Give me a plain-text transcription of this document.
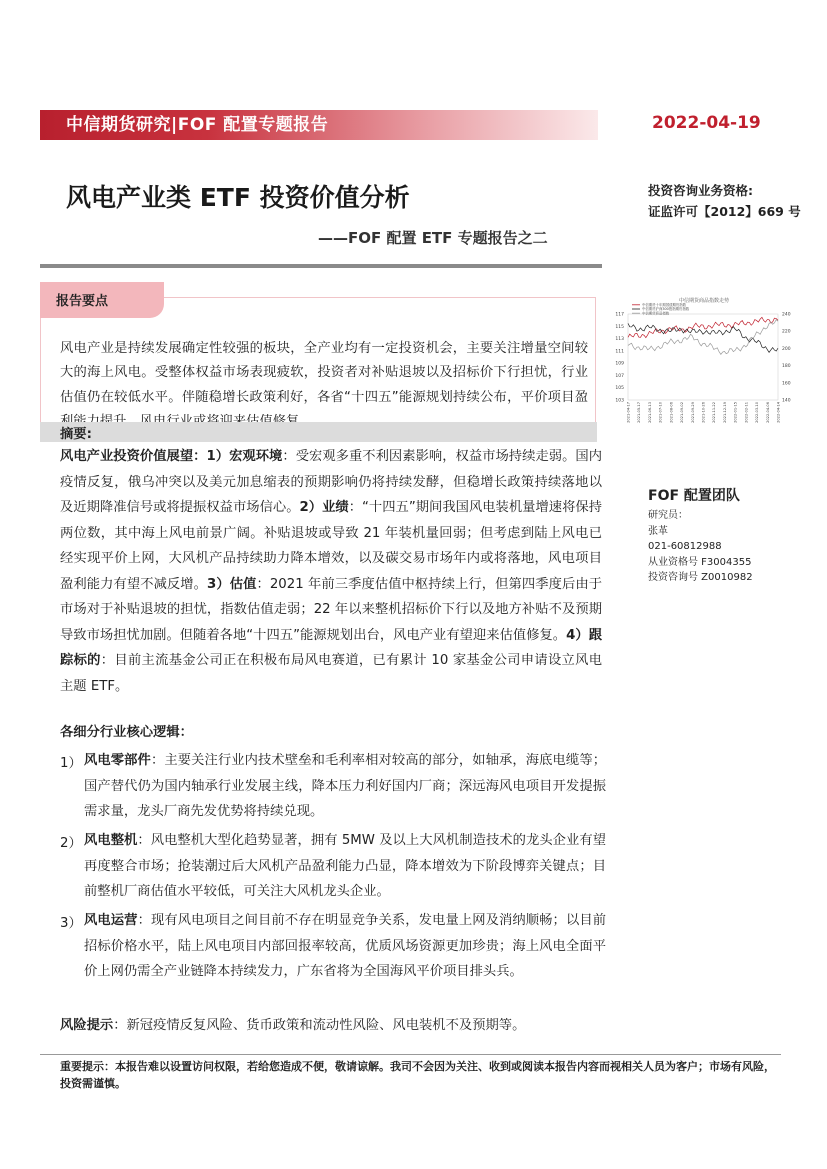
中信期货研究|FOF 配置专题报告	2022-04-19
风电产业类 ETF 投资价值分析
——FOF 配置 ETF 专题报告之二
投资咨询业务资格:
证监许可【2012】669 号
报告要点
风电产业是持续发展确定性较强的板块，全产业均有一定投资机会，主要关注增量空间较大的海上风电。受整体权益市场表现疲软，投资者对补贴退坡以及招标价下行担忧，行业估值仍在较低水平。伴随稳增长政策利好，各省“十四五”能源规划持续公布，平价项目盈
中信期货商品指数走势
中信期货十年期国债期货指数
中信期货沪深300股指期货指数
中信期货商品指数
117
115
113
111
109
107
105
103
240
220
200
180
160
140
2021-04-17 2021-05-17 2021-06-13 2021-07-10 2021-08-06 2021-09-02 2021-09-29 2021-10-26 2021-11-22 2021-12-19 2022-01-15 2022-02-11 2022-03-10 2022-04-06 2022-04-14
摘要:
风电产业投资价值展望：1）宏观环境：受宏观多重不利因素影响，权益市场持续走弱。国内疫情反复，俄乌冲突以及美元加息缩表的预期影响仍将持续发酵，但稳增长政策持续落地以及近期降准信号或将提振权益市场信心。2）业绩：“十四五”期间我国风电装机量增速将保持两位数，其中海上风电前景广阔。补贴退坡或导致 21 年装机量回弱；但考虑到陆上风电已经实现平价上网，大风机产品持续助力降本增效，以及碳交易市场年内或将落地，风电项目盈利能力有望不减反增。3）估值：2021 年前三季度估值中枢持续上行，但第四季度后由于市场对于补贴退坡的担忧，指数估值走弱；22 年以来整机招标价下行以及地方补贴不及预期导致市场担忧加剧。但随着各地“十四五”能源规划出台，风电产业有望迎来估值修复。4）跟踪标的：目前主流基金公司正在积极布局风电赛道，已有累计 10 家基金公司申请设立风电主题 ETF。
各细分行业核心逻辑：
1） 风电零部件：主要关注行业内技术壁垒和毛利率相对较高的部分，如轴承，海底电缆等；国产替代仍为国内轴承行业发展主线，降本压力利好国内厂商；深远海风电项目开发提振需求量，龙头厂商先发优势将持续兑现。
2） 风电整机：风电整机大型化趋势显著，拥有 5MW 及以上大风机制造技术的龙头企业有望再度整合市场；抢装潮过后大风机产品盈利能力凸显，降本增效为下阶段博弈关键点；目前整机厂商估值水平较低，可关注大风机龙头企业。
3） 风电运营：现有风电项目之间目前不存在明显竞争关系，发电量上网及消纳顺畅；以目前招标价格水平，陆上风电项目内部回报率较高，优质风场资源更加珍贵；海上风电全面平价上网仍需全产业链降本持续发力，广东省将为全国海风平价项目排头兵。
风险提示：新冠疫情反复风险、货币政策和流动性风险、风电装机不及预期等。
FOF 配置团队
研究员：
张革
021-60812988
从业资格号 F3004355
投资咨询号 Z0010982
重要提示：本报告难以设置访问权限，若给您造成不便，敬请谅解。我司不会因为关注、收到或阅读本报告内容而视相关人员为客户；市场有风险，投资需谨慎。
